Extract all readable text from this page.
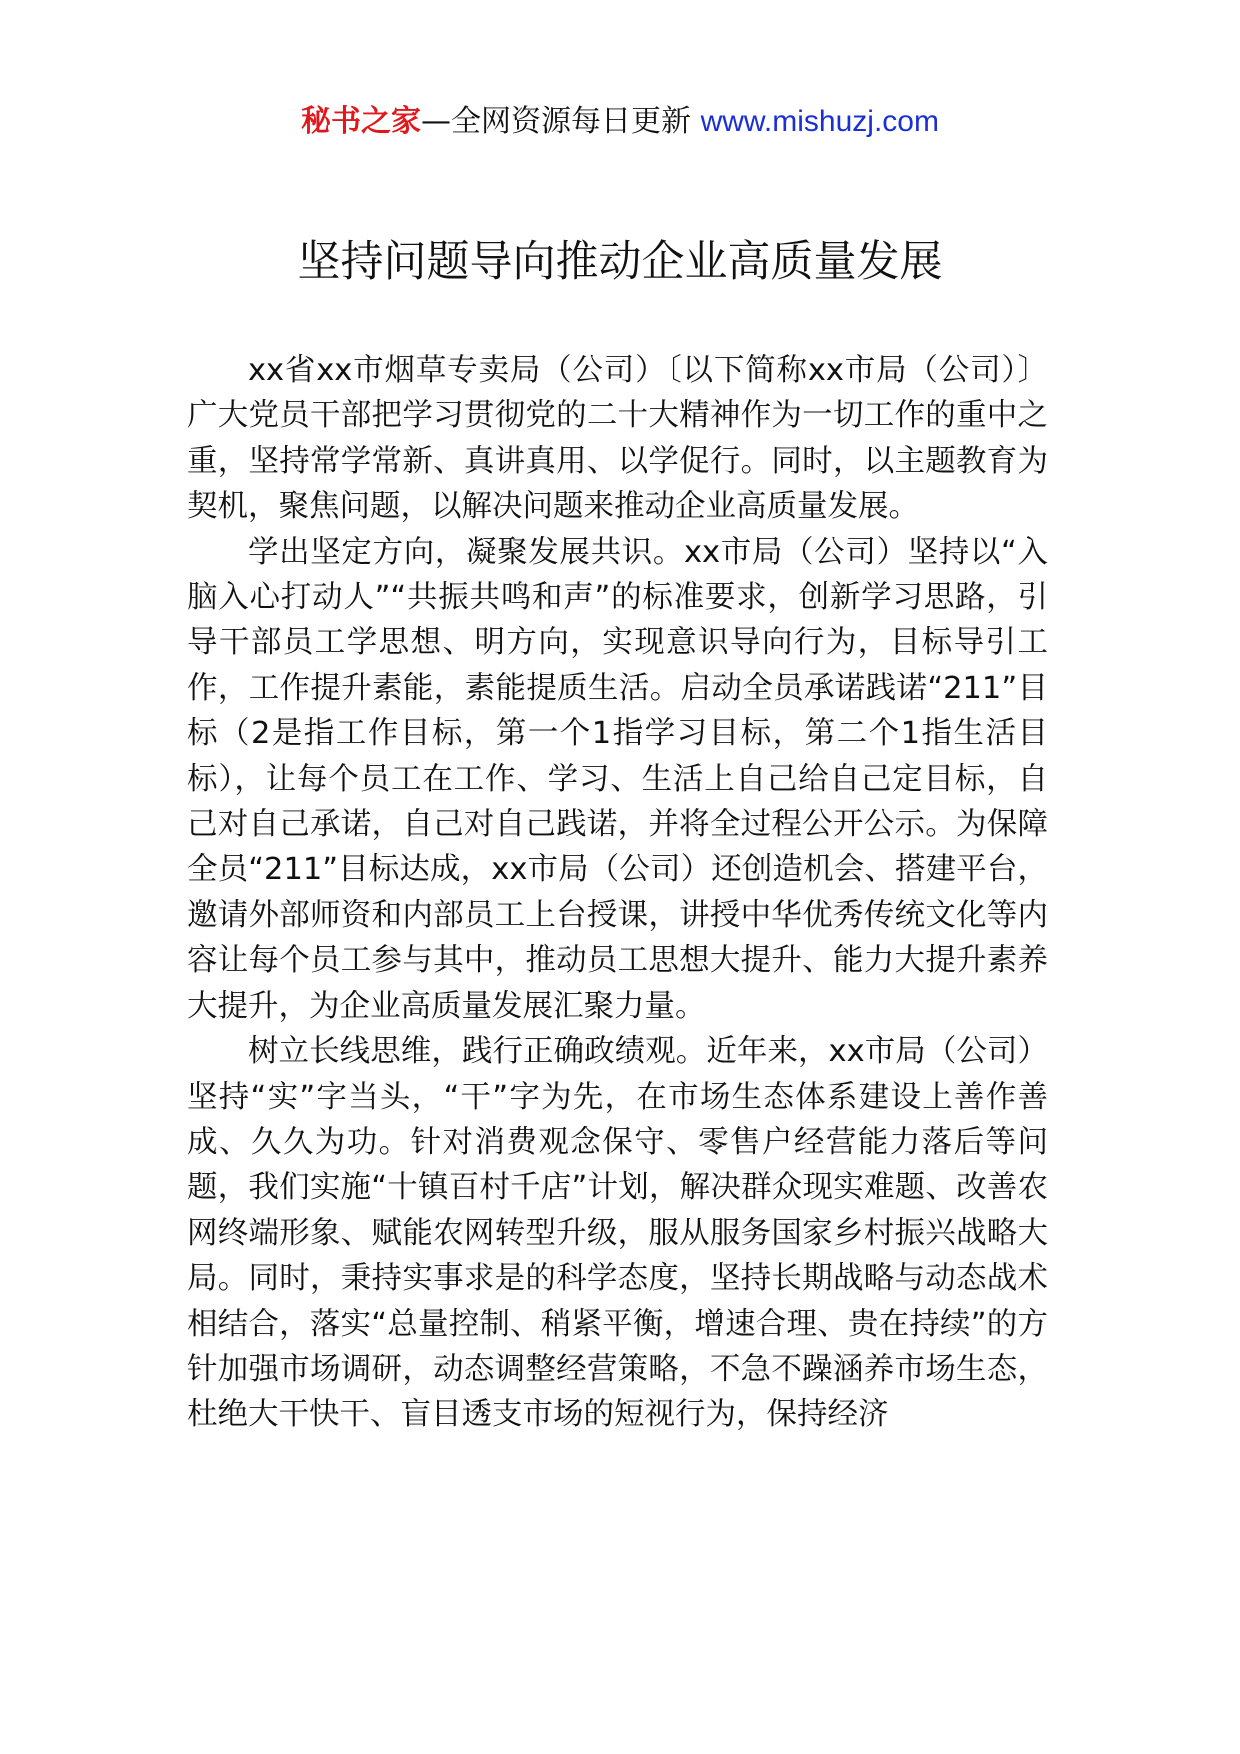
秘书之家—全网资源每日更新 www.mishuzj.com
坚持问题导向推动企业高质量发展

xx省xx市烟草专卖局（公司）〔以下简称xx市局（公司）〕广大党员干部把学习贯彻党的二十大精神作为一切工作的重中之重，坚持常学常新、真讲真用、以学促行。同时，以主题教育为契机，聚焦问题，以解决问题来推动企业高质量发展。

学出坚定方向，凝聚发展共识。xx市局（公司）坚持以“入脑入心打动人”“共振共鸣和声”的标准要求，创新学习思路，引导干部员工学思想、明方向，实现意识导向行为，目标导引工作，工作提升素能，素能提质生活。启动全员承诺践诺“211”目标（2是指工作目标，第一个1指学习目标，第二个1指生活目标），让每个员工在工作、学习、生活上自己给自己定目标，自己对自己承诺，自己对自己践诺，并将全过程公开公示。为保障全员“211”目标达成，xx市局（公司）还创造机会、搭建平台，邀请外部师资和内部员工上台授课，讲授中华优秀传统文化等内容让每个员工参与其中，推动员工思想大提升、能力大提升素养大提升，为企业高质量发展汇聚力量。

树立长线思维，践行正确政绩观。近年来，xx市局（公司）坚持“实”字当头，“干”字为先，在市场生态体系建设上善作善成、久久为功。针对消费观念保守、零售户经营能力落后等问题，我们实施“十镇百村千店”计划，解决群众现实难题、改善农网终端形象、赋能农网转型升级，服从服务国家乡村振兴战略大局。同时，秉持实事求是的科学态度，坚持长期战略与动态战术相结合，落实“总量控制、稍紧平衡，增速合理、贵在持续”的方针加强市场调研，动态调整经营策略，不急不躁涵养市场生态，杜绝大干快干、盲目透支市场的短视行为，保持经济
